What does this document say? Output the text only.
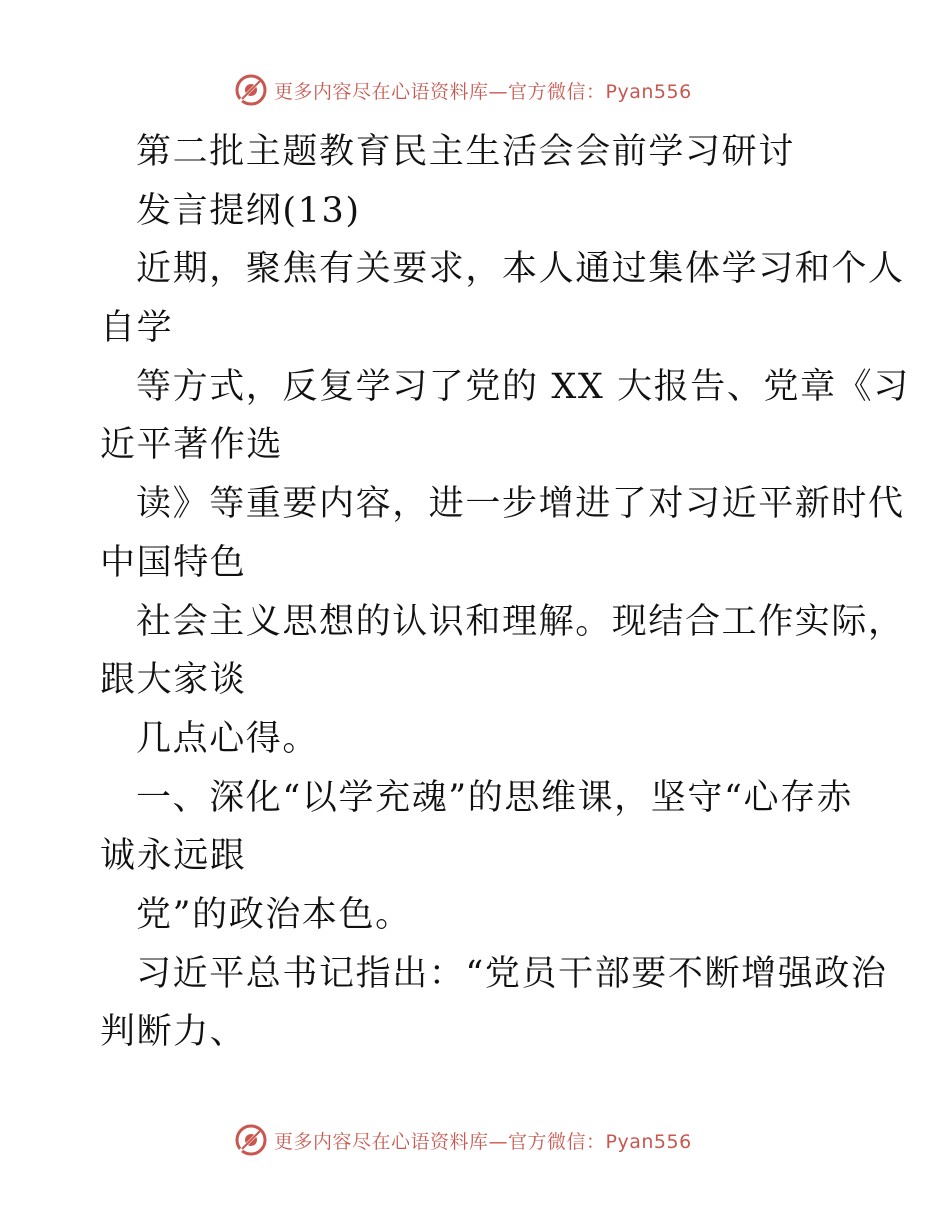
更多内容尽在心语资料库—官方微信：Pyan556
第二批主题教育民主生活会会前学习研讨
发言提纲(13)
近期，聚焦有关要求，本人通过集体学习和个人
自学
等方式，反复学习了党的 XX 大报告、党章《习
近平著作选
读》等重要内容，进一步增进了对习近平新时代
中国特色
社会主义思想的认识和理解。现结合工作实际，
跟大家谈
几点心得。
一、深化“以学充魂”的思维课，坚守“心存赤
诚永远跟
党”的政治本色。
习近平总书记指出：“党员干部要不断增强政治
判断力、
更多内容尽在心语资料库—官方微信：Pyan556
